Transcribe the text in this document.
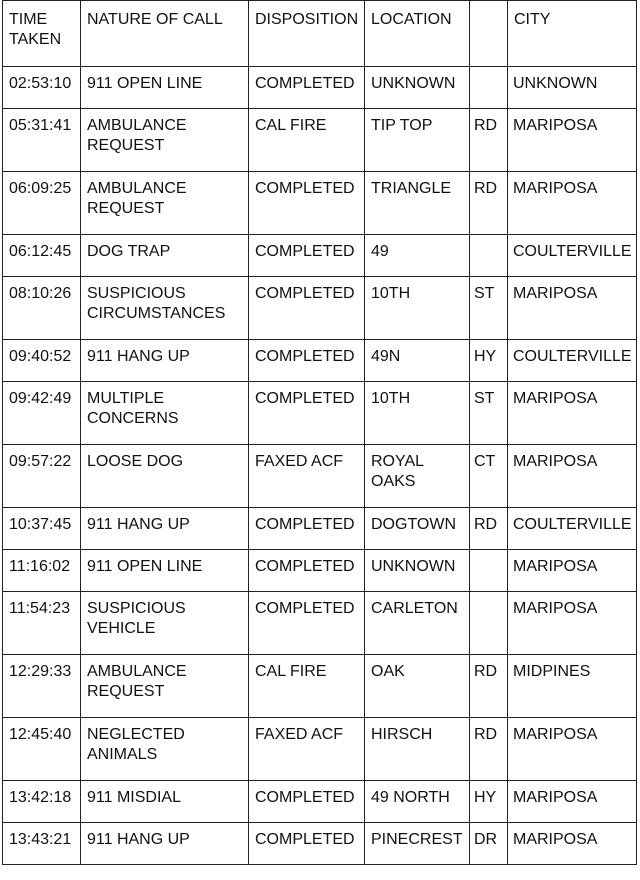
TIME TAKEN	NATURE OF CALL	DISPOSITION	LOCATION		CITY
02:53:10	911 OPEN LINE	COMPLETED	UNKNOWN		UNKNOWN
05:31:41	AMBULANCE REQUEST	CAL FIRE	TIP TOP	RD	MARIPOSA
06:09:25	AMBULANCE REQUEST	COMPLETED	TRIANGLE	RD	MARIPOSA
06:12:45	DOG TRAP	COMPLETED	49		COULTERVILLE
08:10:26	SUSPICIOUS CIRCUMSTANCES	COMPLETED	10TH	ST	MARIPOSA
09:40:52	911 HANG UP	COMPLETED	49N	HY	COULTERVILLE
09:42:49	MULTIPLE CONCERNS	COMPLETED	10TH	ST	MARIPOSA
09:57:22	LOOSE DOG	FAXED ACF	ROYAL OAKS	CT	MARIPOSA
10:37:45	911 HANG UP	COMPLETED	DOGTOWN	RD	COULTERVILLE
11:16:02	911 OPEN LINE	COMPLETED	UNKNOWN		MARIPOSA
11:54:23	SUSPICIOUS VEHICLE	COMPLETED	CARLETON		MARIPOSA
12:29:33	AMBULANCE REQUEST	CAL FIRE	OAK	RD	MIDPINES
12:45:40	NEGLECTED ANIMALS	FAXED ACF	HIRSCH	RD	MARIPOSA
13:42:18	911 MISDIAL	COMPLETED	49 NORTH	HY	MARIPOSA
13:43:21	911 HANG UP	COMPLETED	PINECREST	DR	MARIPOSA
